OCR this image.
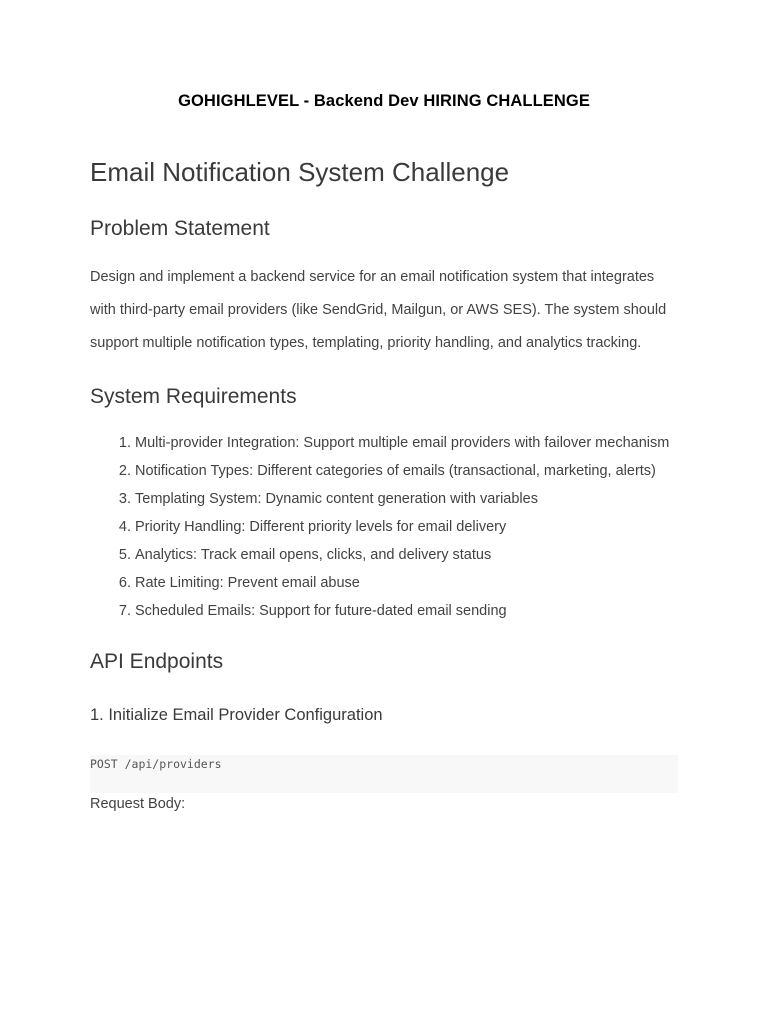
GOHIGHLEVEL - Backend Dev HIRING CHALLENGE
Email Notification System Challenge
Problem Statement

Design and implement a backend service for an email notification system that integrates with third-party email providers (like SendGrid, Mailgun, or AWS SES). The system should support multiple notification types, templating, priority handling, and analytics tracking.

System Requirements
1. Multi-provider Integration: Support multiple email providers with failover mechanism
2. Notification Types: Different categories of emails (transactional, marketing, alerts)
3. Templating System: Dynamic content generation with variables
4. Priority Handling: Different priority levels for email delivery
5. Analytics: Track email opens, clicks, and delivery status
6. Rate Limiting: Prevent email abuse
7. Scheduled Emails: Support for future-dated email sending
API Endpoints
1. Initialize Email Provider Configuration
POST /api/providers
Request Body:
